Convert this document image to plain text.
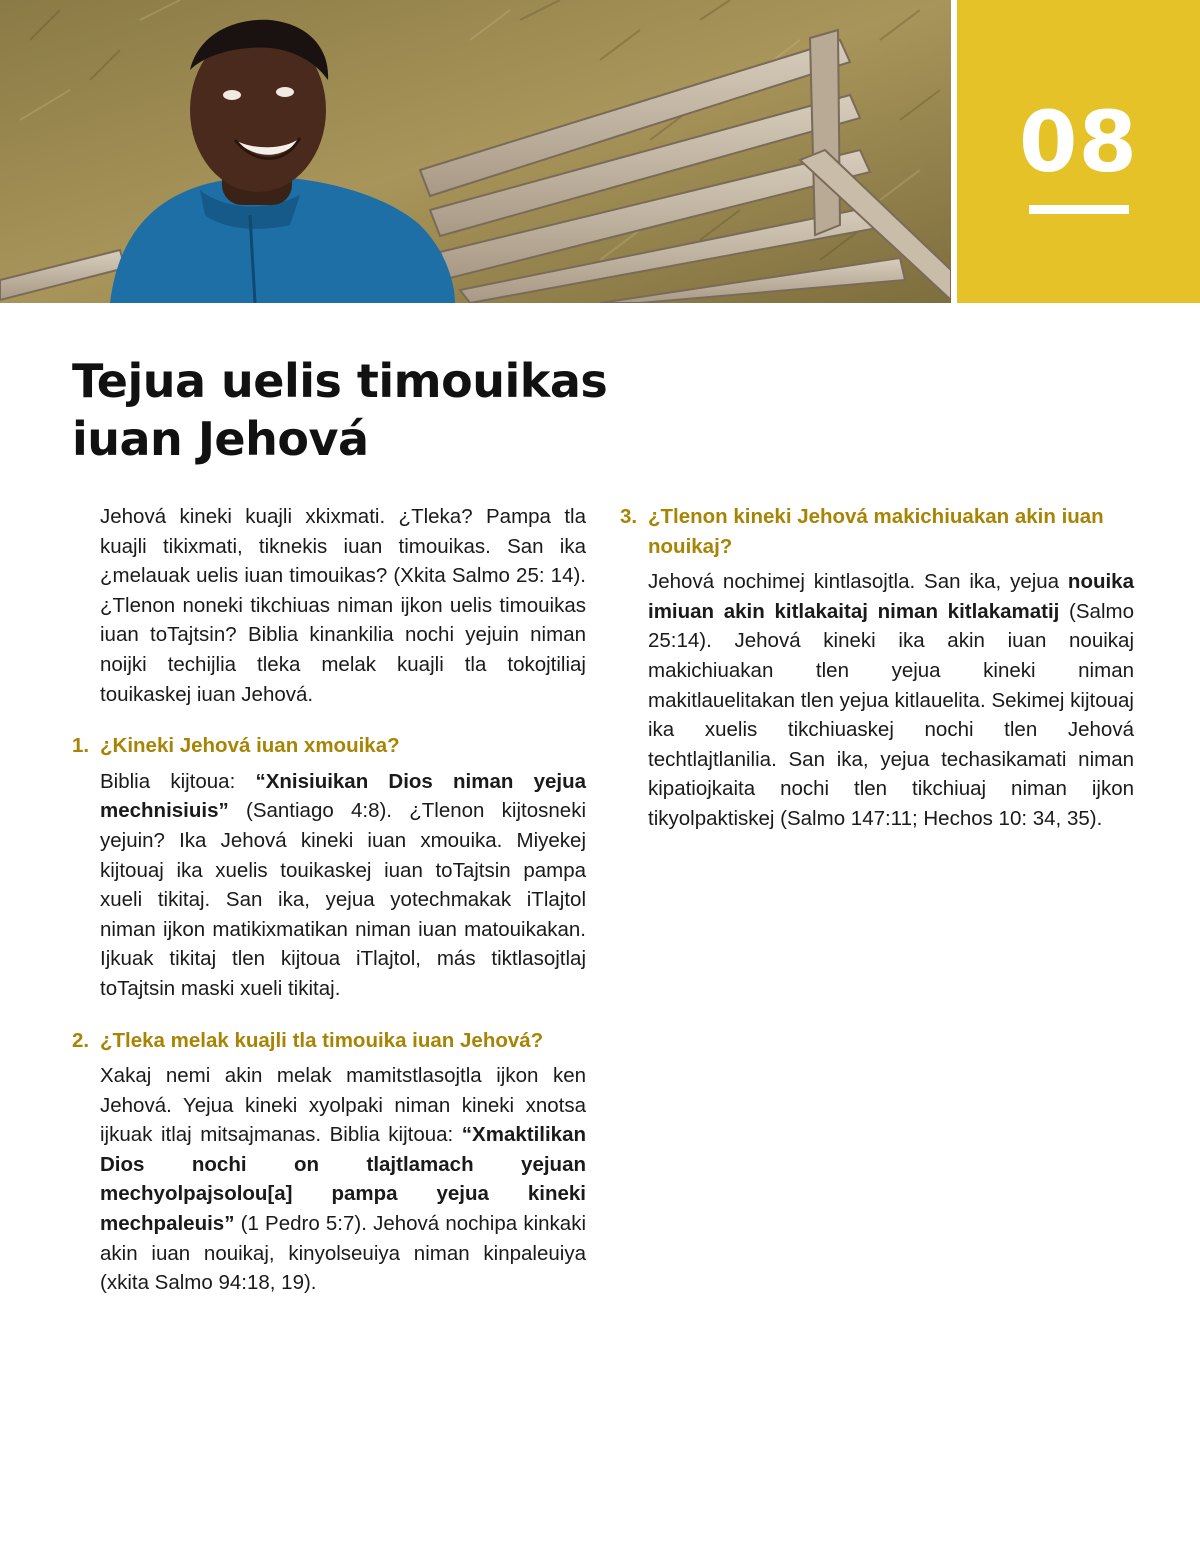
08
Tejua uelis timouikas
iuan Jehová

Jehová kineki kuajli xkixmati. ¿Tleka? Pampa tla kuajli tikixmati, tiknekis iuan timouikas. San ika ¿melauak uelis iuan timouikas? (Xkita Salmo 25: 14). ¿Tlenon noneki tikchiuas niman ijkon uelis timouikas iuan toTajtsin? Biblia kinankilia nochi yejuin niman noijki techijlia tleka melak kuajli tla tokojtiliaj touikaskej iuan Jehová.

1. ¿Kineki Jehová iuan xmouika?

Biblia kijtoua: “Xnisiuikan Dios niman yejua mechnisiuis” (Santiago 4:8). ¿Tlenon kijtosneki yejuin? Ika Jehová kineki iuan xmouika. Miyekej kijtouaj ika xuelis touikaskej iuan toTajtsin pampa xueli tikitaj. San ika, yejua yotechmakak iTlajtol niman ijkon matikixmatikan niman iuan matouikakan. Ijkuak tikitaj tlen kijtoua iTlajtol, más tiktlasojtlaj toTajtsin maski xueli tikitaj.

2. ¿Tleka melak kuajli tla timouika iuan Jehová?

Xakaj nemi akin melak mamitstlasojtla ijkon ken Jehová. Yejua kineki xyolpaki niman kineki xnotsa ijkuak itlaj mitsajmanas. Biblia kijtoua: “Xmaktilikan Dios nochi on tlajtlamach yejuan mechyolpajsolou[a] pampa yejua kineki mechpaleuis” (1 Pedro 5:7). Jehová nochipa kinkaki akin iuan nouikaj, kinyolseuiya niman kinpaleuiya (xkita Salmo 94:18, 19).

3. ¿Tlenon kineki Jehová makichiuakan akin iuan nouikaj?

Jehová nochimej kintlasojtla. San ika, yejua nouika imiuan akin kitlakaitaj niman kitlakamatij (Salmo 25:14). Jehová kineki ika akin iuan nouikaj makichiuakan tlen yejua kineki niman makitlauelitakan tlen yejua kitlauelita. Sekimej kijtouaj ika xuelis tikchiuaskej nochi tlen Jehová techtlajtlanilia. San ika, yejua techasikamati niman kipatiojkaita nochi tlen tikchiuaj niman ijkon tikyolpaktiskej (Salmo 147:11; Hechos 10: 34, 35).
